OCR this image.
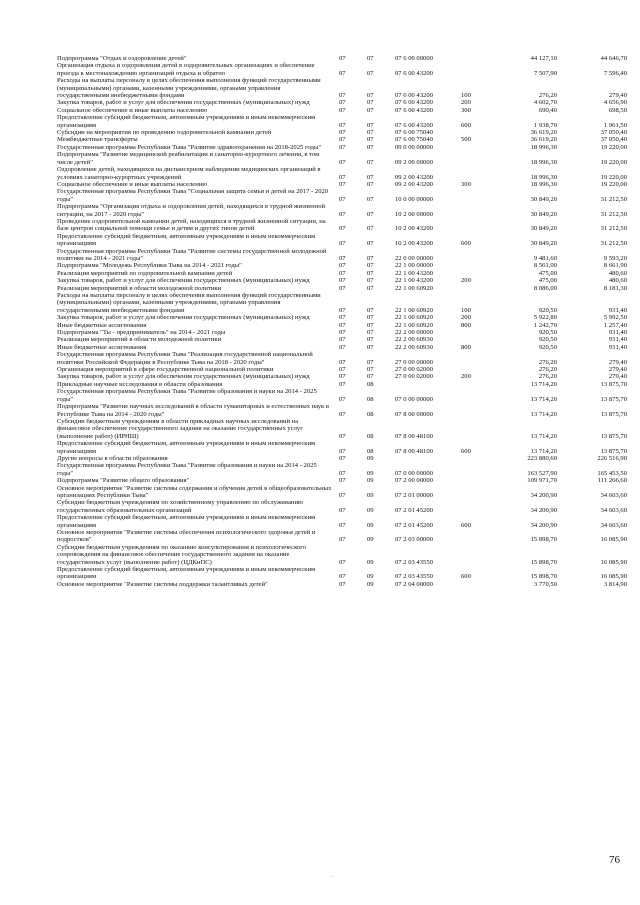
Подпрограмма "Отдых и оздоровление детей"	07	07	07 6 00 00000		44 127,10	44 646,70
Организация отдыха и оздоровления детей в оздоровительных организациях и обеспечение проезда к местонахождению организаций отдыха и обратно	07	07	07 6 00 43200		7 507,90	7 596,40
Расходы на выплаты персоналу в целях обеспечения выполнения функций государственными (муниципальными) органами, казенными учреждениями, органами управления государственными внебюджетными фондами	07	07	07 6 00 43200	100	276,20	279,40
Закупка товаров, работ и услуг для обеспечения государственных (муниципальных) нужд	07	07	07 6 00 43200	200	4 602,70	4 656,90
Социальное обеспечение и иные выплаты населению	07	07	07 6 00 43200	300	690,40	698,50
Предоставление субсидий бюджетным, автономным учреждениям и иным некоммерческим организациям	07	07	07 6 00 43200	600	1 938,70	1 961,50
Субсидии на мероприятия по проведению оздоровительной кампании детей	07	07	07 6 00 75040		36 619,20	37 050,40
Межбюджетные трансферты	07	07	07 6 00 75040	500	36 619,20	37 050,40
Государственная программа Республики Тыва "Развитие здравоохранения на 2018-2025 годы"	07	07	09 0 00 00000		18 996,30	19 220,00
Подпрограмма "Развитие медицинской реабилитации и санаторно-курортного лечения, в том числе детей"	07	07	09 2 00 00000		18 996,30	19 220,00
Оздоровление детей, находящихся на диспансерном наблюдении медицинских организаций в условиях санаторно-курортных учреждений	07	07	09 2 00 43200		18 996,30	19 220,00
Социальное обеспечение и иные выплаты населению	07	07	09 2 00 43200	300	18 996,30	19 220,00
Государственная программа Республики Тыва "Социальная защита семьи и детей на 2017 - 2020 годы"	07	07	10 0 00 00000		30 849,20	31 212,50
Подпрограмма "Организация отдыха и оздоровления детей, находящихся в трудной жизненной ситуации, на 2017 - 2020 годы"	07	07	10 2 00 00000		30 849,20	31 212,50
Проведение оздоровительной кампании детей, находящихся в трудной жизненной ситуации, на базе центров социальной помощи семье и детям и других типов детей	07	07	10 2 00 43200		30 849,20	31 212,50
Предоставление субсидий бюджетным, автономным учреждениям и иным некоммерческим организациям	07	07	10 2 00 43200	600	30 849,20	31 212,50
Государственная программа Республики Тыва "Развитие системы государственной молодежной политики на 2014 - 2021 годы"	07	07	22 0 00 00000		9 481,60	9 593,20
Подпрограмма "Молодежь Республики Тыва на 2014 - 2021 годы"	07	07	22 1 00 00000		8 561,00	8 661,90
Реализация мероприятий по оздоровительной кампании детей	07	07	22 1 00 43200		475,00	480,60
Закупка товаров, работ и услуг для обеспечения государственных (муниципальных) нужд	07	07	22 1 00 43200	200	475,00	480,60
Реализация мероприятий в области молодежной политики	07	07	22 1 00 60920		8 086,00	8 181,30
Расходы на выплаты персоналу в целях обеспечения выполнения функций государственными (муниципальными) органами, казенными учреждениями, органами управления государственными внебюджетными фондами	07	07	22 1 00 60920	100	920,50	931,40
Закупка товаров, работ и услуг для обеспечения государственных (муниципальных) нужд	07	07	22 1 00 60920	200	5 922,80	5 992,50
Иные бюджетные ассигнования	07	07	22 1 00 60920	800	1 242,70	1 257,40
Подпрограмма "Ты - предприниматель" на 2014 - 2021 годы	07	07	22 2 00 00000		920,50	931,40
Реализация мероприятий в области молодежной политики	07	07	22 2 00 60930		920,50	931,40
Иные бюджетные ассигнования	07	07	22 2 00 60930	800	920,50	931,40
Государственная программа Республики Тыва "Реализация государственной национальной политики Российской Федерации в Республике Тыва на 2018 - 2020 годы"	07	07	27 0 00 00000		276,20	279,40
Организация мероприятий в сфере государственной национальной политики	07	07	27 0 00 02000		276,20	279,40
Закупка товаров, работ и услуг для обеспечения государственных (муниципальных) нужд	07	07	27 0 00 02000	200	276,20	279,40
Прикладные научные исследования в области образования	07	08			13 714,20	13 875,70
Государственная программа Республики Тыва "Развитие образования и науки на 2014 - 2025 годы"	07	08	07 0 00 00000		13 714,20	13 875,70
Подпрограмма "Развитие научных исследований в области гуманитарных и естественных наук в Республике Тыва на 2014 - 2020 годы"	07	08	07 8 00 00000		13 714,20	13 875,70
Субсидии бюджетным учреждениям в области прикладных научных исследований на финансовое обеспечение государственного задания на оказание государственных услуг (выполнение работ) (ИРНШ)	07	08	07 8 00 48100		13 714,20	13 875,70
Предоставление субсидий бюджетным, автономным учреждениям и иным некоммерческим организациям	07	08	07 8 00 48100	600	13 714,20	13 875,70
Другие вопросы в области образования	07	09			223 880,60	226 516,90
Государственная программа Республики Тыва "Развитие образования и науки на 2014 - 2025 годы"	07	09	07 0 00 00000		163 527,90	165 453,50
Подпрограмма "Развитие общего образования"	07	09	07 2 00 00000		109 971,70	111 266,60
Основное мероприятие "Развитие системы содержания и обучения детей в общеобразовательных организациях Республики Тыва"	07	09	07 2 01 00000		34 200,90	34 603,60
Субсидии бюджетным учреждениям по хозяйственному управлению по обслуживанию государственных образовательных организаций	07	09	07 2 01 45200		34 200,90	34 603,60
Предоставление субсидий бюджетным, автономным учреждениям и иным некоммерческим организациям	07	09	07 2 01 45200	600	34 200,90	34 603,60
Основное мероприятие "Развитие системы обеспечения психологического здоровья детей и подростков"	07	09	07 2 03 00000		15 898,70	16 085,90
Субсидии бюджетным учреждениям по оказанию консультирования и психологического сопровождения на финансовое обеспечение государственного задания на оказание государственных услуг (выполнение работ) (ЦДКиПС)	07	09	07 2 03 43550		15 898,70	16 085,90
Предоставление субсидий бюджетным, автономным учреждениям и иным некоммерческим организациям	07	09	07 2 03 43550	600	15 898,70	16 085,90
Основное мероприятие "Развитие системы поддержки талантливых детей"	07	09	07 2 04 00000		3 770,50	3 814,90
76
.
